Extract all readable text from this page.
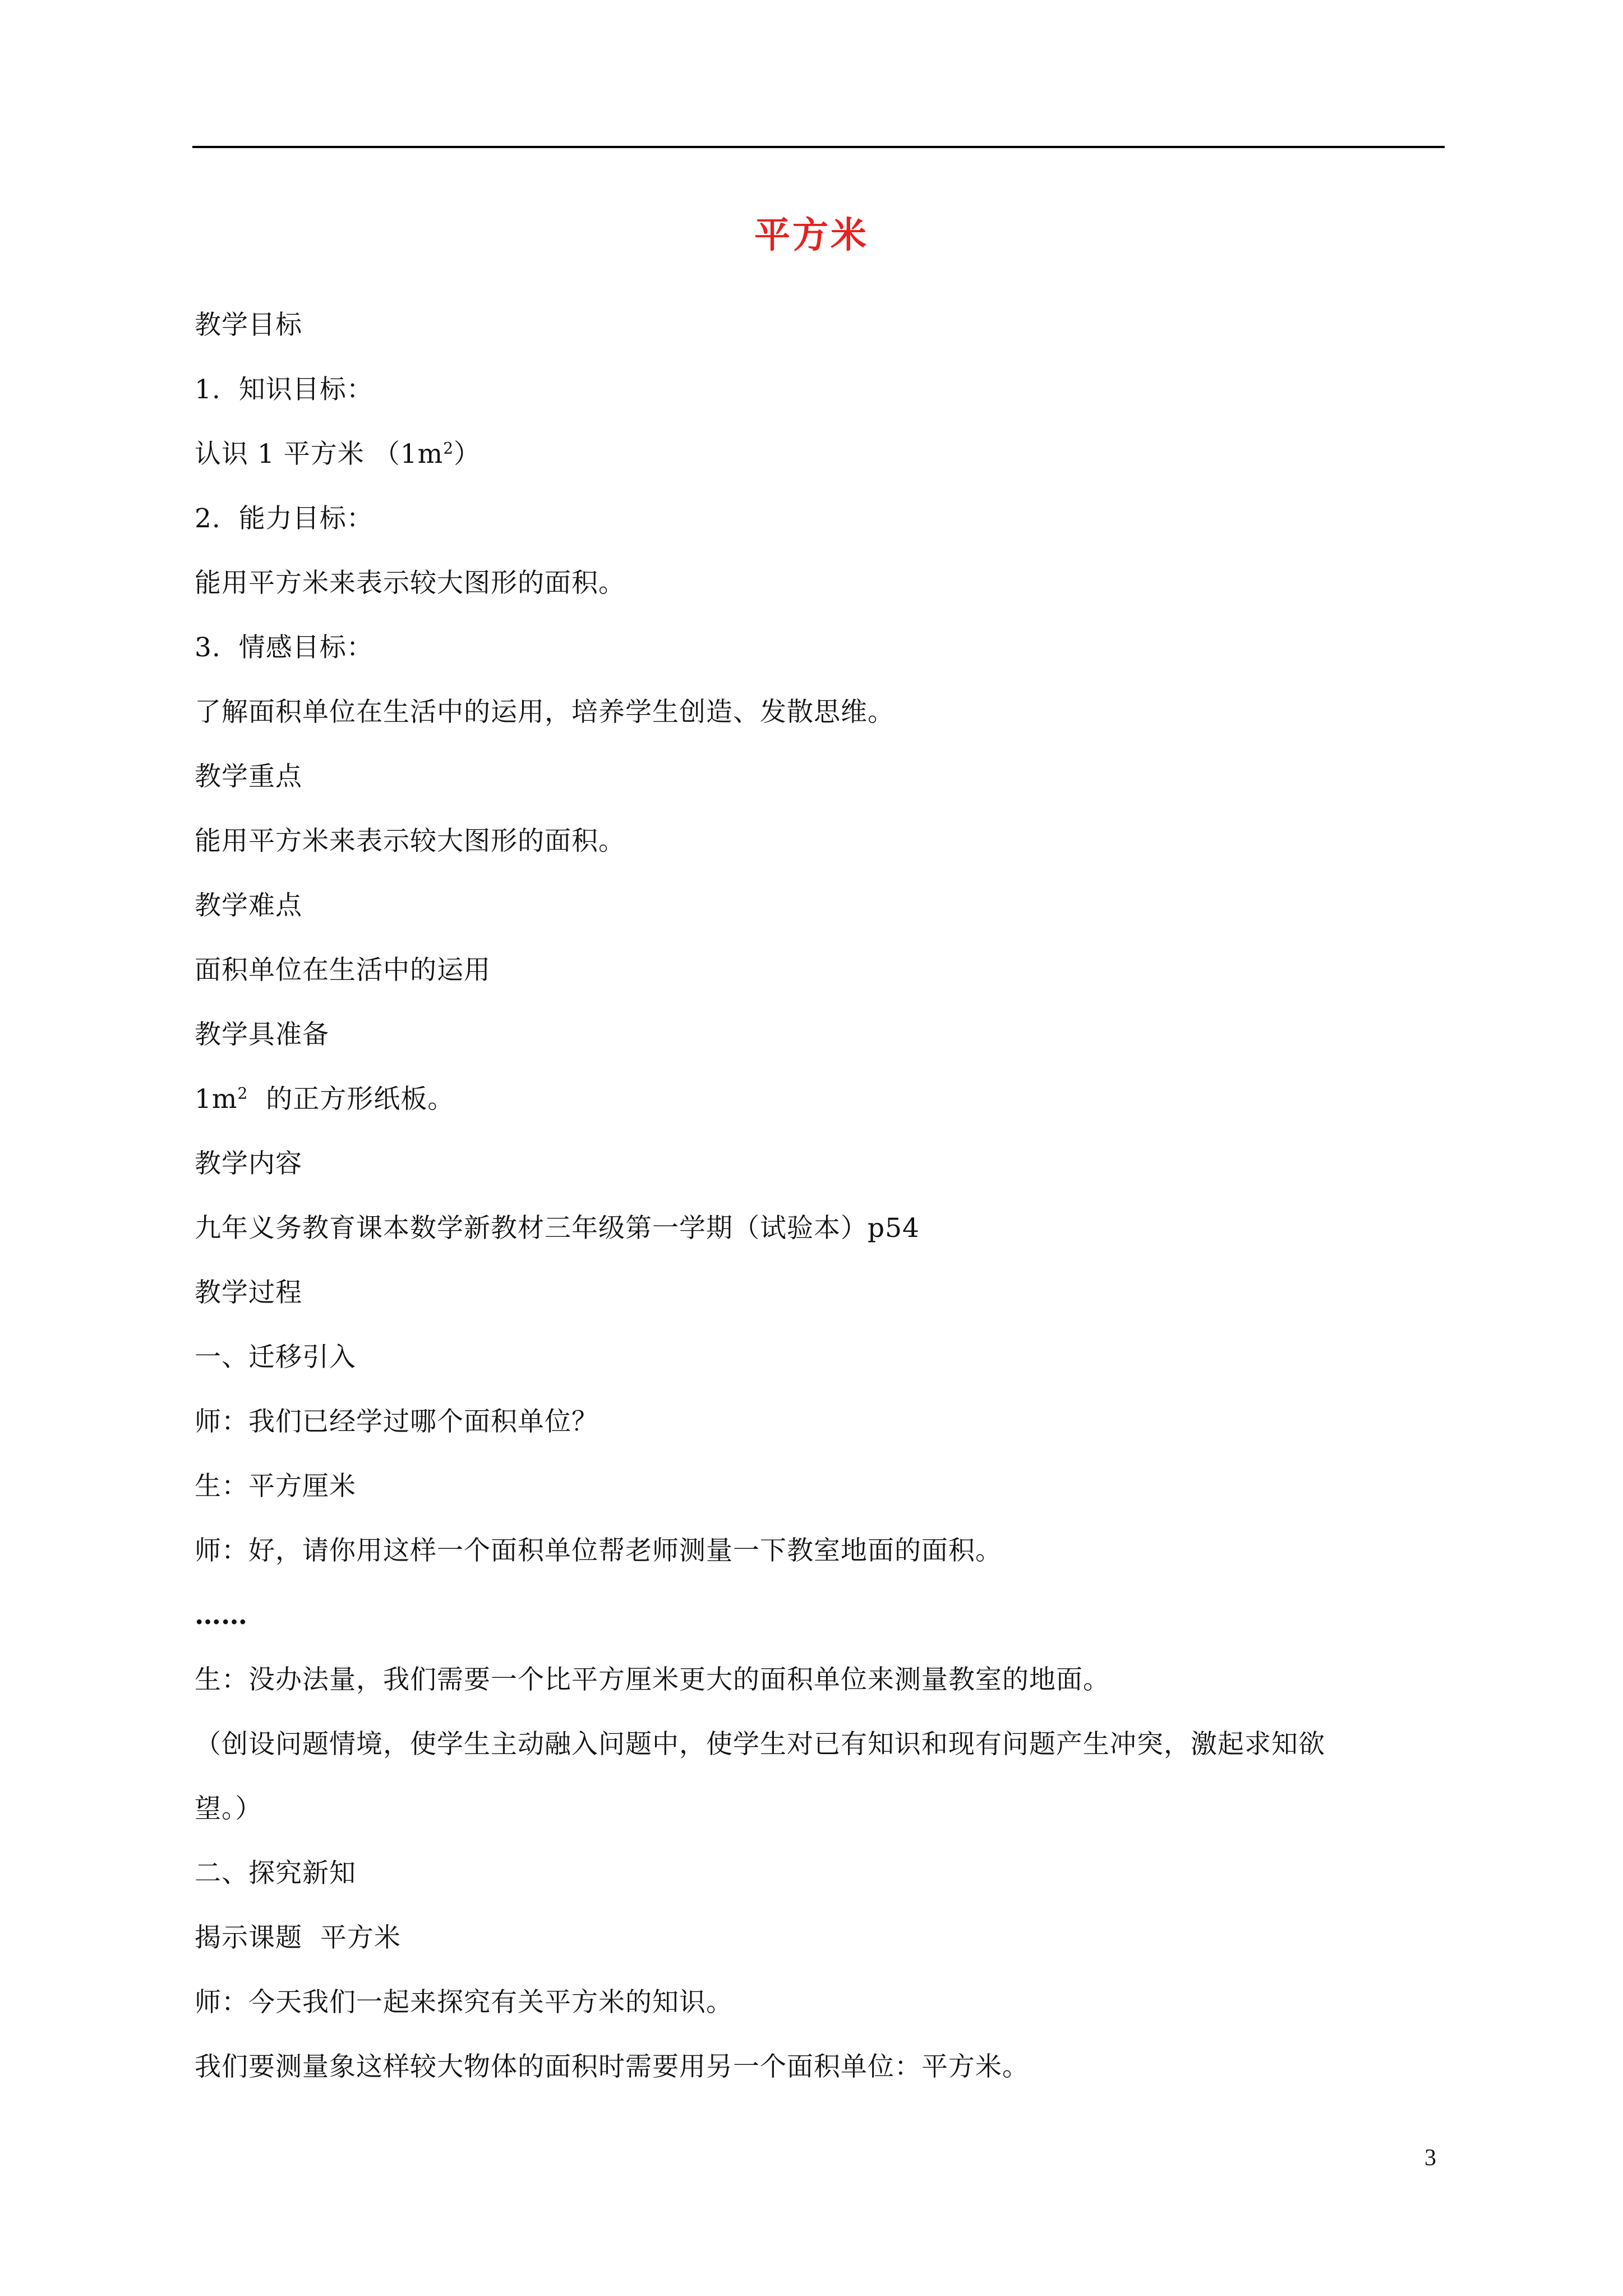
平方米

教学目标

1.  知识目标：

认识 1 平方米 $(1m^2)$

2.  能力目标：

能用平方米来表示较大图形的面积。

3.  情感目标：

了解面积单位在生活中的运用，培养学生创造、发散思维。

教学重点

能用平方米来表示较大图形的面积。

教学难点

面积单位在生活中的运用

教学具准备

$1m^2$  的正方形纸板。

教学内容

九年义务教育课本数学新教材三年级第一学期（试验本）p54

教学过程

一、迁移引入

师：我们已经学过哪个面积单位？

生：平方厘米

师：好，请你用这样一个面积单位帮老师测量一下教室地面的面积。

……

生：没办法量，我们需要一个比平方厘米更大的面积单位来测量教室的地面。

（创设问题情境，使学生主动融入问题中，使学生对已有知识和现有问题产生冲突，激起求知欲

望。）

二、探究新知

揭示课题  平方米

师：今天我们一起来探究有关平方米的知识。

我们要测量象这样较大物体的面积时需要用另一个面积单位：平方米。

3
